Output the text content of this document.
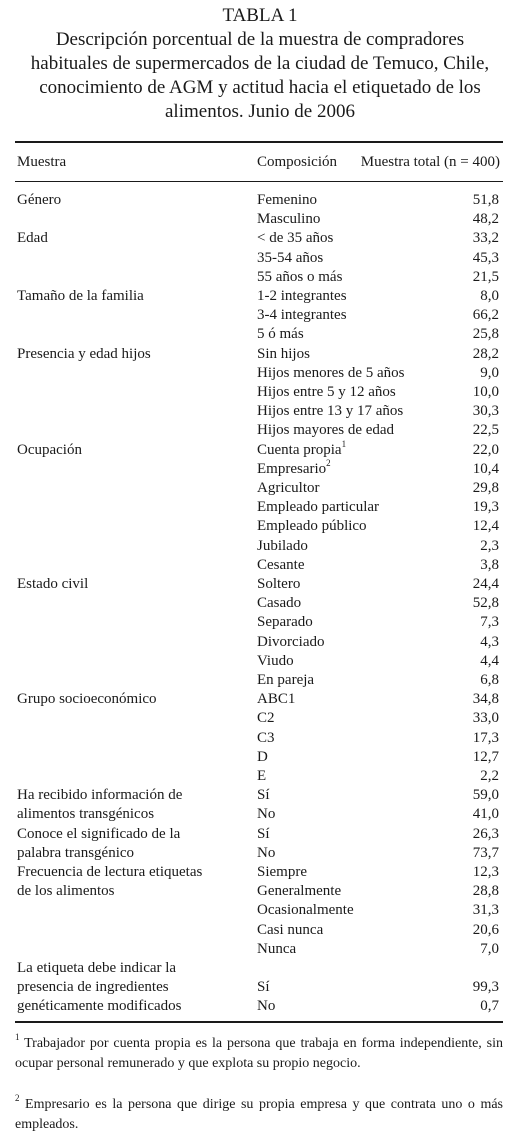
TABLA 1
Descripción porcentual de la muestra de compradores
habituales de supermercados de la ciudad de Temuco, Chile,
conocimiento de AGM y actitud hacia el etiquetado de los
alimentos. Junio de 2006
Muestra	Composición Muestra total (n = 400)
Género	Femenino	51,8
Masculino	48,2
Edad	< de 35 años	33,2
35-54 años	45,3
55 años o más	21,5
Tamaño de la familia	1-2 integrantes	8,0
3-4 integrantes	66,2
5 ó más	25,8
Presencia y edad hijos	Sin hijos	28,2
Hijos menores de 5 años	9,0
Hijos entre 5 y 12 años	10,0
Hijos entre 13 y 17 años	30,3
Hijos mayores de edad	22,5
Ocupación	Cuenta propia$^1$	22,0
Empresario$^2$	10,4
Agricultor	29,8
Empleado particular	19,3
Empleado público	12,4
Jubilado	2,3
Cesante	3,8
Estado civil	Soltero	24,4
Casado	52,8
Separado	7,3
Divorciado	4,3
Viudo	4,4
En pareja	6,8
Grupo socioeconómico	ABC1	34,8
C2	33,0
C3	17,3
D	12,7
E	2,2
Ha recibido información de	Sí	59,0
alimentos transgénicos	No	41,0
Conoce el significado de la	Sí	26,3
palabra transgénico	No	73,7
Frecuencia de lectura etiquetas	Siempre	12,3
de los alimentos	Generalmente	28,8
Ocasionalmente	31,3
Casi nunca	20,6
Nunca	7,0
La etiqueta debe indicar la
presencia de ingredientes	Sí	99,3
genéticamente modificados	No	0,7
$^1$ Trabajador por cuenta propia es la persona que trabaja en forma independiente, sin ocupar personal remunerado y que explota su propio negocio.
$^2$ Empresario es la persona que dirige su propia empresa y que contrata uno o más empleados.
